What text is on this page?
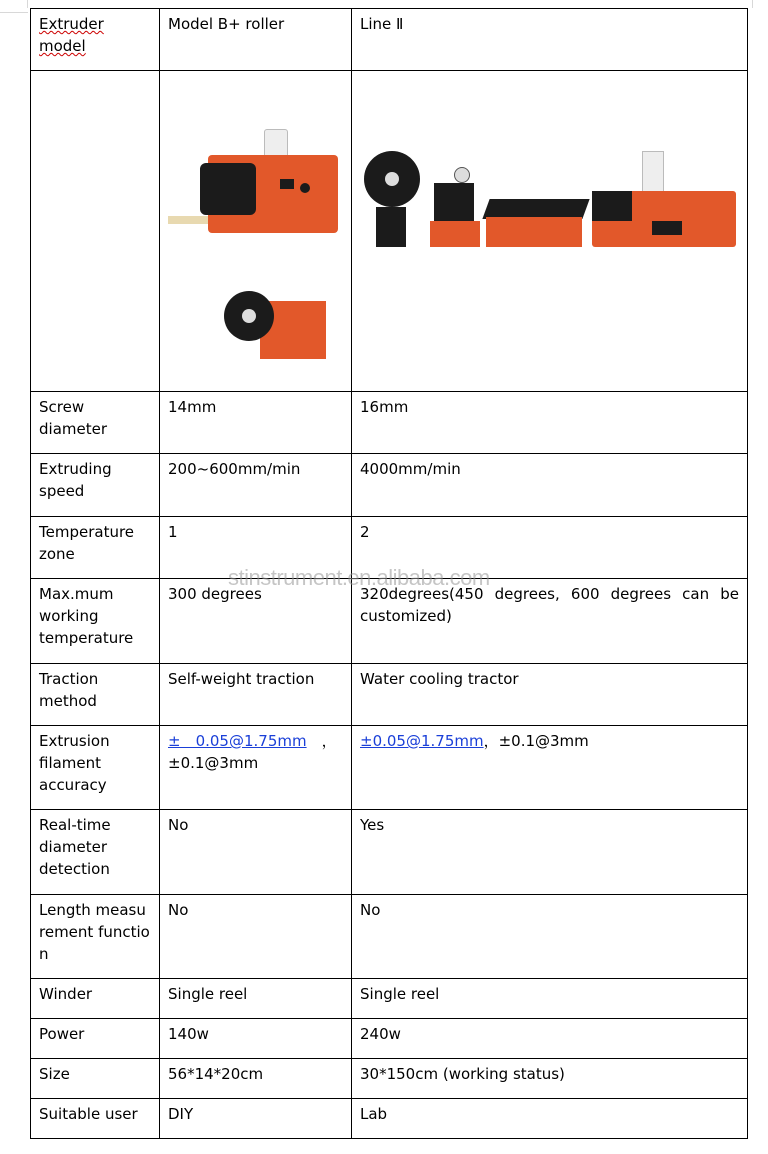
Extruder model	Model B+ roller	Line Ⅱ

Screw diameter	14mm	16mm
Extruding speed	200~600mm/min	4000mm/min
Temperature zone	1	2
Max.mum working temperature	300 degrees	320degrees(450 degrees, 600 degrees can be customized)
Traction method	Self-weight traction	Water cooling tractor
Extrusion filament accuracy	±　0.05@1.75mm　，±0.1@3mm	±0.05@1.75mm，±0.1@3mm
Real-time diameter detection	No	Yes
Length measurement function	No	No
Winder	Single reel	Single reel
Power	140w	240w
Size	56*14*20cm	30*150cm (working status)
Suitable user	DIY	Lab
stinstrument.en.alibaba.com
